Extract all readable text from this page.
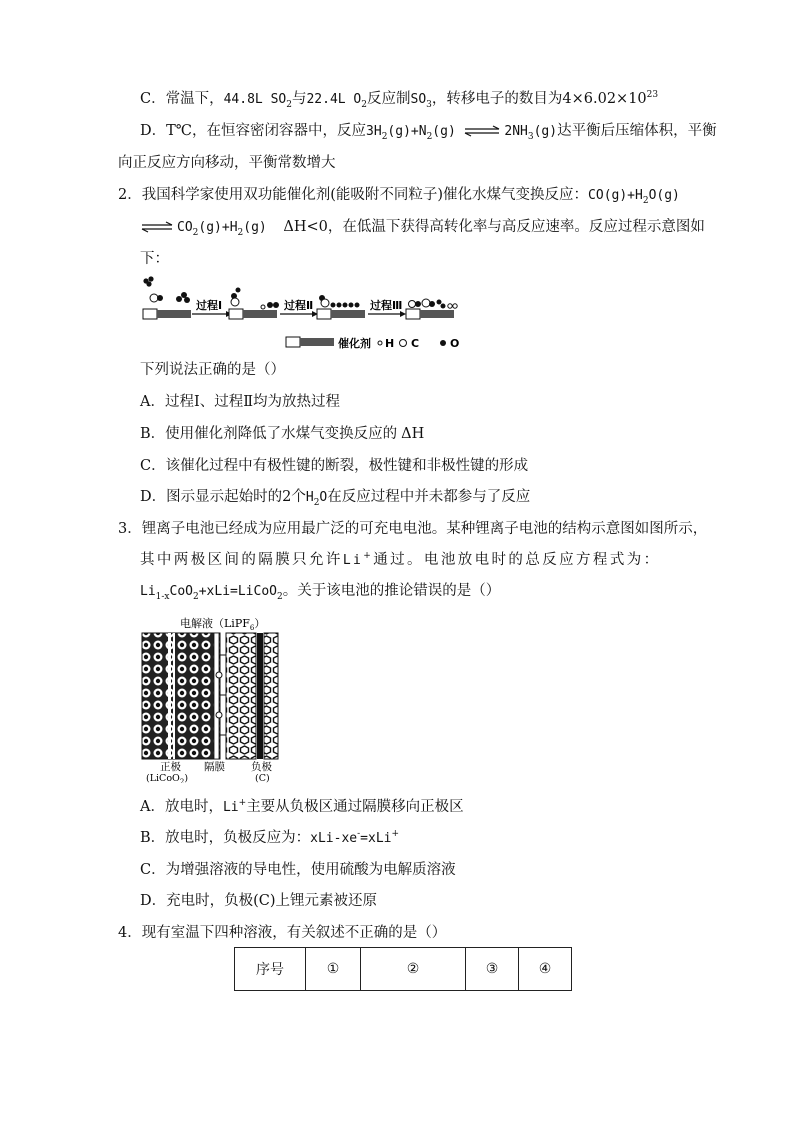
C．常温下，44.8L $SO_2$与22.4L $O_2$反应制$SO_3$，转移电子的数目为$4\times 6.02\times 10^{23}$
D．T℃，在恒容密闭容器中，反应$3H_2(g)+N_2(g)$ ⇌ $2NH_3(g)$达平衡后压缩体积，平衡
向正反应方向移动，平衡常数增大
2．我国科学家使用双功能催化剂(能吸附不同粒子)催化水煤气变换反应：$CO(g)+H_2O(g)$
⇌ $CO_2(g)+H_2(g)$ ΔH<0，在低温下获得高转化率与高反应速率。反应过程示意图如
下：
过程Ⅰ	过程Ⅱ	过程Ⅲ
催化剂 H C	O
下列说法正确的是（）
A．过程Ⅰ、过程Ⅱ均为放热过程
B．使用催化剂降低了水煤气变换反应的 ΔH
C．该催化过程中有极性键的断裂，极性键和非极性键的形成
D．图示显示起始时的2个$H_2O$在反应过程中并未都参与了反应
3．锂离子电池已经成为应用最广泛的可充电电池。某种锂离子电池的结构示意图如图所示，
其中两极区间的隔膜只允许Li+通过。电池放电时的总反应方程式为：
$Li_{1-x}CoO_2+xLi=LiCoO_2$。关于该电池的推论错误的是（）
电解液（LiPF$_6$）
正极
(LiCoO$_2$)
隔膜 负极
(C)
A．放电时，Li+主要从负极区通过隔膜移向正极区
B．放电时，负极反应为：xLi-xe-=xLi+
C．为增强溶液的导电性，使用硫酸为电解质溶液
D．充电时，负极(C)上锂元素被还原
4．现有室温下四种溶液，有关叙述不正确的是（）
序号	①	②	③	④
